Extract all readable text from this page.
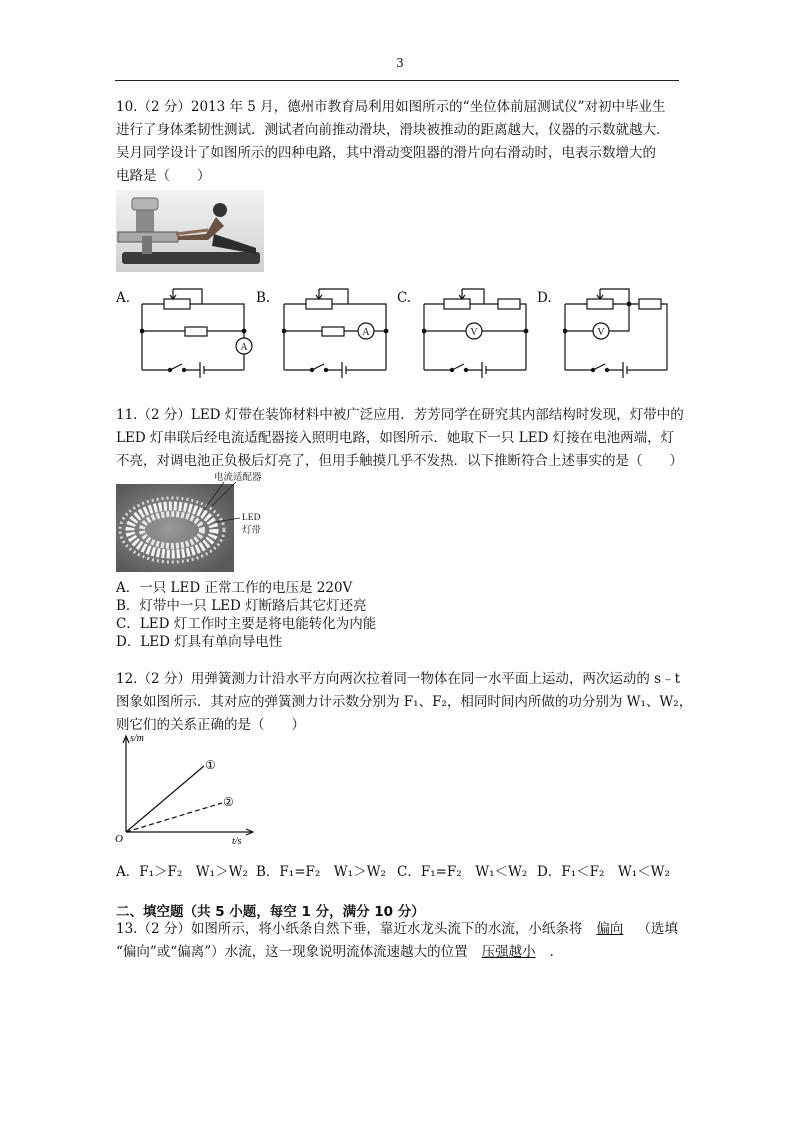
3
10.（2 分）2013 年 5 月，德州市教育局利用如图所示的“坐位体前屈测试仪”对初中毕业生
进行了身体柔韧性测试．测试者向前推动滑块，滑块被推动的距离越大，仪器的示数就越大．
吴月同学设计了如图所示的四种电路，其中滑动变阻器的滑片向右滑动时，电表示数增大的
电路是（　　）
A.	B.	C.	D.
A
A	V	V
11.（2 分）LED 灯带在装饰材料中被广泛应用．芳芳同学在研究其内部结构时发现，灯带中的
LED 灯串联后经电流适配器接入照明电路，如图所示．她取下一只 LED 灯接在电池两端，灯
不亮，对调电池正负极后灯亮了，但用手触摸几乎不发热．以下推断符合上述事实的是（　　）
电流适配器
LED
灯带
A．一只 LED 正常工作的电压是 220V
B．灯带中一只 LED 灯断路后其它灯还亮
C．LED 灯工作时主要是将电能转化为内能
D．LED 灯具有单向导电性
12.（2 分）用弹簧测力计沿水平方向两次拉着同一物体在同一水平面上运动，两次运动的 s﹣t
图象如图所示．其对应的弹簧测力计示数分别为 F₁、F₂，相同时间内所做的功分别为 W₁、W₂，
则它们的关系正确的是（　　）
s/m
t/s
O
①
②
A．F₁＞F₂　W₁＞W₂ B．F₁=F₂　W₁＞W₂ C．F₁=F₂　W₁＜W₂ D．F₁＜F₂　W₁＜W₂
二、填空题（共 5 小题，每空 1 分，满分 10 分）
13.（2 分）如图所示，将小纸条自然下垂，靠近水龙头流下的水流，小纸条将 偏向 （选填
“偏向”或“偏离”）水流，这一现象说明流体流速越大的位置 压强越小 ．
